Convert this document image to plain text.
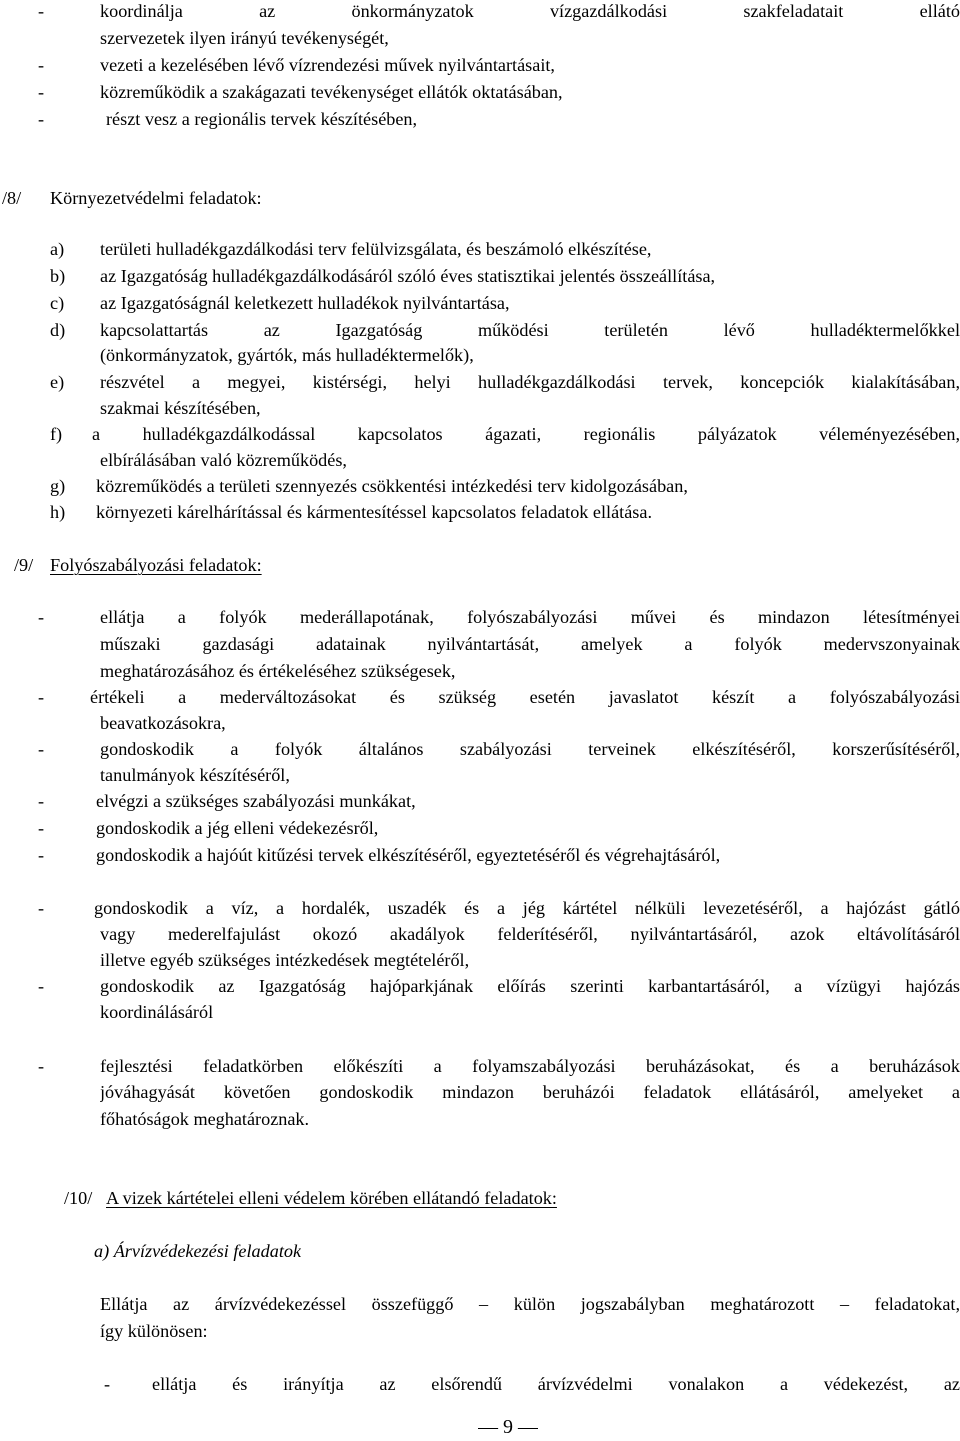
-	koordinálja az önkormányzatok vízgazdálkodási szakfeladatait ellátó
szervezetek ilyen irányú tevékenységét,
-	vezeti a kezelésében lévő vízrendezési művek nyilvántartásait,
-	közreműködik a szakágazati tevékenységet ellátók oktatásában,
-	részt vesz a regionális tervek készítésében,
/8/ Környezetvédelmi feladatok:
a) területi hulladékgazdálkodási terv felülvizsgálata, és beszámoló elkészítése,
b) az Igazgatóság hulladékgazdálkodásáról szóló éves statisztikai jelentés összeállítása,
c) az Igazgatóságnál keletkezett hulladékok nyilvántartása,
d) kapcsolattartás az Igazgatóság működési területén lévő hulladéktermelőkkel
(önkormányzatok, gyártók, más hulladéktermelők),
e) részvétel a megyei, kistérségi, helyi hulladékgazdálkodási tervek, koncepciók kialakításában,
szakmai készítésében,
f) a hulladékgazdálkodással kapcsolatos ágazati, regionális pályázatok véleményezésében,
elbírálásában való közreműködés,
g) közreműködés a területi szennyezés csökkentési intézkedési terv kidolgozásában,
h) környezeti kárelhárítással és kármentesítéssel kapcsolatos feladatok ellátása.
/9/ Folyószabályozási feladatok:
-	ellátja a folyók mederállapotának, folyószabályozási művei és mindazon létesítményei
műszaki gazdasági adatainak nyilvántartását, amelyek a folyók medervszonyainak
meghatározásához és értékeléséhez szükségesek,
-	értékeli a mederváltozásokat és szükség esetén javaslatot készít a folyószabályozási
beavatkozásokra,
-	gondoskodik a folyók általános szabályozási terveinek elkészítéséről, korszerűsítéséről,
tanulmányok készítéséről,
-	elvégzi a szükséges szabályozási munkákat,
-	gondoskodik a jég elleni védekezésről,
-	gondoskodik a hajóút kitűzési tervek elkészítéséről, egyeztetéséről és végrehajtásáról,
-	gondoskodik a víz, a hordalék, uszadék és a jég kártétel nélküli levezetéséről, a hajózást gátló
vagy mederelfajulást okozó akadályok felderítéséről, nyilvántartásáról, azok eltávolításáról
illetve egyéb szükséges intézkedések megtételéről,
-	gondoskodik az Igazgatóság hajóparkjának előírás szerinti karbantartásáról, a vízügyi hajózás
koordinálásáról
-	fejlesztési feladatkörben előkészíti a folyamszabályozási beruházásokat, és a beruházások
jóváhagyását követően gondoskodik mindazon beruházói feladatok ellátásáról, amelyeket a
főhatóságok meghatároznak.
/10/ A vizek kártételei elleni védelem körében ellátandó feladatok:
a) Árvízvédekezési feladatok
Ellátja az árvízvédekezéssel összefüggő – külön jogszabályban meghatározott – feladatokat,
így különösen:
- ellátja és irányítja az elsőrendű árvízvédelmi vonalakon a védekezést, az
— 9 —
